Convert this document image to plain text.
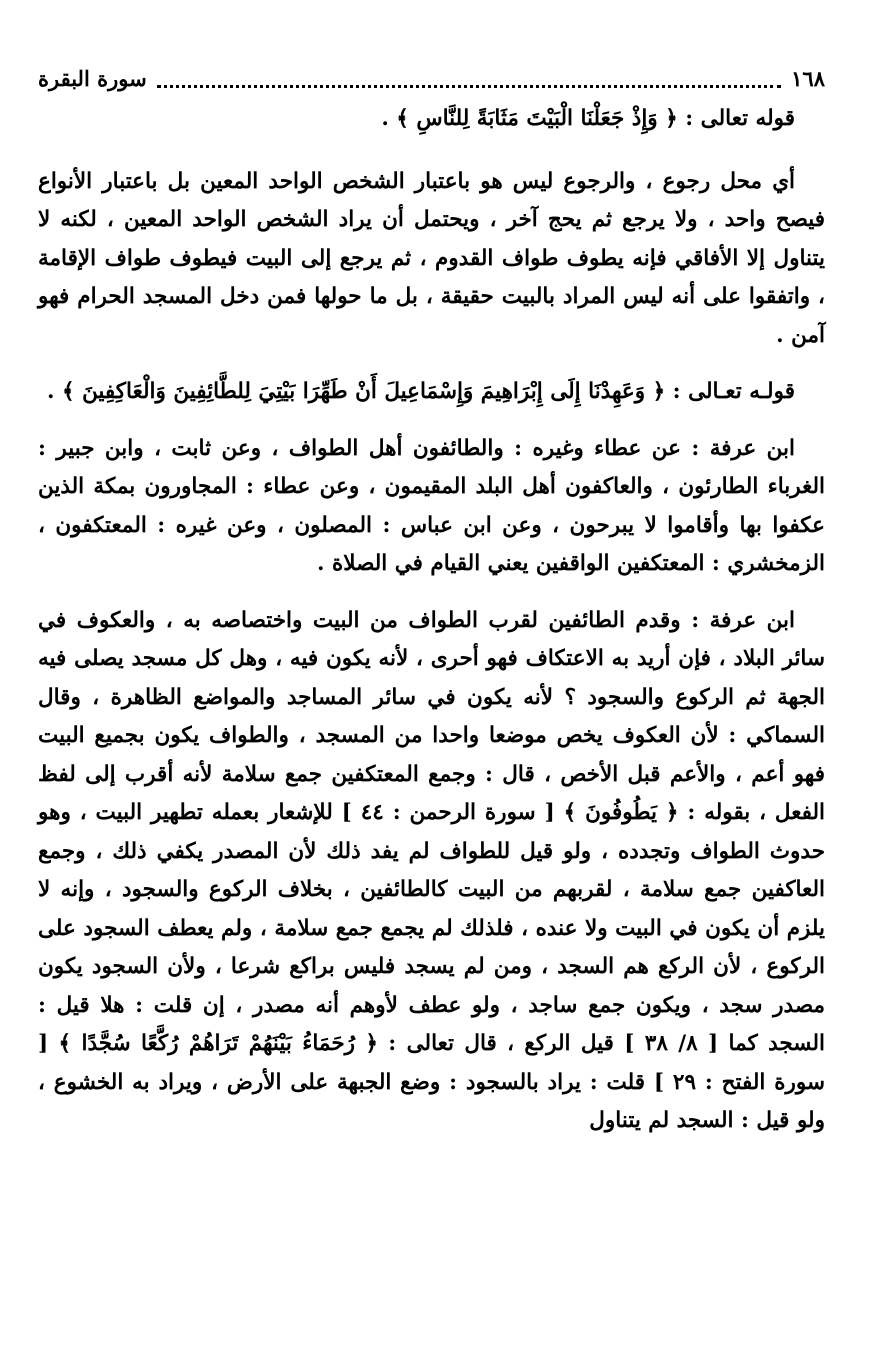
١٦٨
سورة البقرة

قوله تعالى : ﴿ وَإِذْ جَعَلْنَا الْبَيْتَ مَثَابَةً لِلنَّاسِ ﴾ .

أي محل رجوع ، والرجوع ليس هو باعتبار الشخص الواحد المعين بل باعتبار الأنواع فيصح واحد ، ولا يرجع ثم يحج آخر ، ويحتمل أن يراد الشخص الواحد المعين ، لكنه لا يتناول إلا الأفاقي فإنه يطوف طواف القدوم ، ثم يرجع إلى البيت فيطوف طواف الإقامة ، واتفقوا على أنه ليس المراد بالبيت حقيقة ، بل ما حولها فمن دخل المسجد الحرام فهو آمن .

قولـه تعـالى : ﴿ وَعَهِدْنَا إِلَى إِبْرَاهِيمَ وَإِسْمَاعِيلَ أَنْ طَهِّرَا بَيْتِيَ لِلطَّائِفِينَ وَالْعَاكِفِينَ ﴾ .

ابن عرفة : عن عطاء وغيره : والطائفون أهل الطواف ، وعن ثابت ، وابن جبير : الغرباء الطارئون ، والعاكفون أهل البلد المقيمون ، وعن عطاء : المجاورون بمكة الذين عكفوا بها وأقاموا لا يبرحون ، وعن ابن عباس : المصلون ، وعن غيره : المعتكفون ، الزمخشري : المعتكفين الواقفين يعني القيام في الصلاة .

ابن عرفة : وقدم الطائفين لقرب الطواف من البيت واختصاصه به ، والعكوف في سائر البلاد ، فإن أريد به الاعتكاف فهو أحرى ، لأنه يكون فيه ، وهل كل مسجد يصلى فيه الجهة ثم الركوع والسجود ؟ لأنه يكون في سائر المساجد والمواضع الظاهرة ، وقال السماكي : لأن العكوف يخص موضعا واحدا من المسجد ، والطواف يكون بجميع البيت فهو أعم ، والأعم قبل الأخص ، قال : وجمع المعتكفين جمع سلامة لأنه أقرب إلى لفظ الفعل ، بقوله : ﴿ يَطُوفُونَ ﴾ [ سورة الرحمن : ٤٤ ] للإشعار بعمله تطهير البيت ، وهو حدوث الطواف وتجدده ، ولو قيل للطواف لم يفد ذلك لأن المصدر يكفي ذلك ، وجمع العاكفين جمع سلامة ، لقربهم من البيت كالطائفين ، بخلاف الركوع والسجود ، وإنه لا يلزم أن يكون في البيت ولا عنده ، فلذلك لم يجمع جمع سلامة ، ولم يعطف السجود على الركوع ، لأن الركع هم السجد ، ومن لم يسجد فليس براكع شرعا ، ولأن السجود يكون مصدر سجد ، ويكون جمع ساجد ، ولو عطف لأوهم أنه مصدر ، إن قلت : هلا قيل : السجد كما [ ٨/ ٣٨ ] قيل الركع ، قال تعالى : ﴿ رُحَمَاءُ بَيْنَهُمْ تَرَاهُمْ رُكَّعًا سُجَّدًا ﴾ [ سورة الفتح : ٢٩ ] قلت : يراد بالسجود : وضع الجبهة على الأرض ، ويراد به الخشوع ، ولو قيل : السجد لم يتناول
